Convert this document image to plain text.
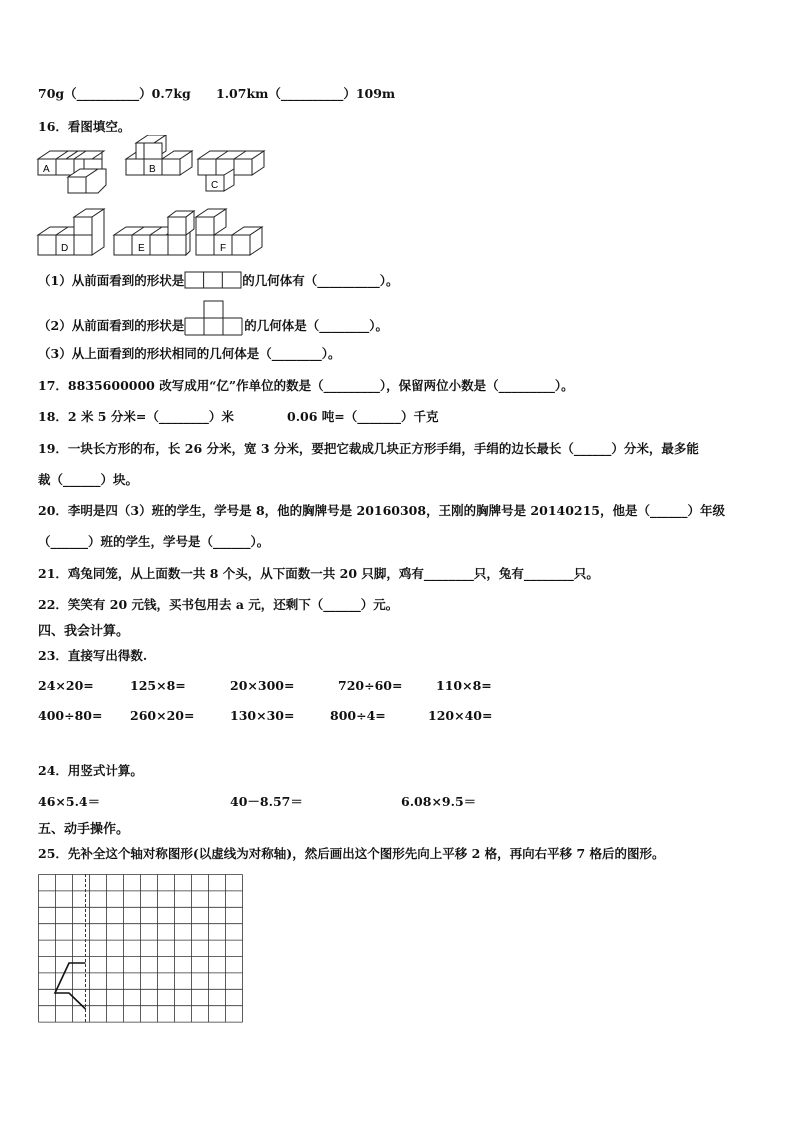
70g（__________）0.7kg 1.07km（__________）109m
16．看图填空。
A	B
C
D	E	F
（1）从前面看到的形状是	的几何体有（__________）。
（2）从前面看到的形状是	的几何体是（________）。
（3）从上面看到的形状相同的几何体是（________）。
17．8835600000 改写成用“亿”作单位的数是（_________），保留两位小数是（_________）。
18．2 米 5 分米=（________）米	0.06 吨=（_______）千克
19．一块长方形的布，长 26 分米，宽 3 分米，要把它裁成几块正方形手绢，手绢的边长最长（______）分米，最多能
裁（______）块。
20．李明是四（3）班的学生，学号是 8，他的胸牌号是 20160308，王刚的胸牌号是 20140215，他是（______）年级
（______）班的学生，学号是（______）。
21．鸡兔同笼，从上面数一共 8 个头，从下面数一共 20 只脚，鸡有________只，兔有________只。
22．笑笑有 20 元钱，买书包用去 a 元，还剩下（______）元。
四、我会计算。
23．直接写出得数.
24×20=	125×8=	20×300=	720÷60=	110×8=
400÷80= 260×20=	130×30=	800÷4=	120×40=
24．用竖式计算。
46×5.4＝	40－8.57＝	6.08×9.5＝
五、动手操作。
25．先补全这个轴对称图形(以虚线为对称轴)，然后画出这个图形先向上平移 2 格，再向右平移 7 格后的图形。
